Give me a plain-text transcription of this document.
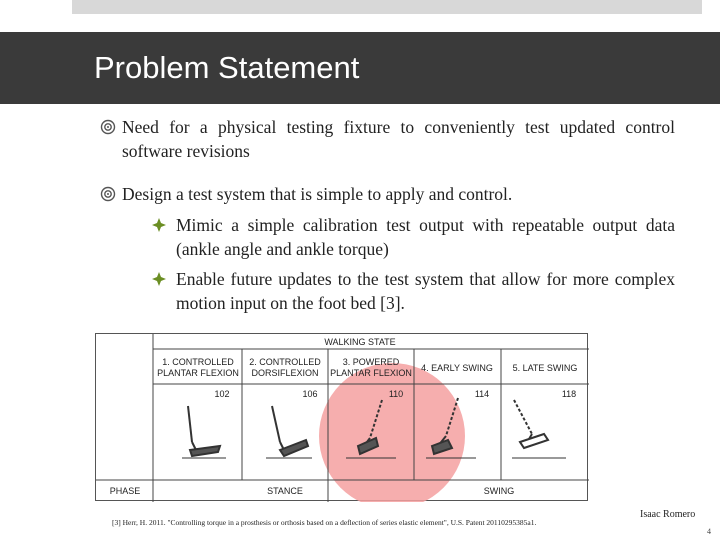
Problem Statement
Need for a physical testing fixture to conveniently test updated control software revisions
Design a test system that is simple to apply and control.
Mimic a simple calibration test output with repeatable output data (ankle angle and ankle torque)
Enable future updates to the test system that allow for more complex motion input on the foot bed [3].
WALKING STATE
1. CONTROLLED
PLANTAR FLEXION
102
2. CONTROLLED
DORSIFLEXION
106
3. POWERED
PLANTAR FLEXION
110
4. EARLY SWING
114
5. LATE SWING
118
PHASE	STANCE	SWING
[3] Herr, H. 2011. "Controlling torque in a prosthesis or orthosis based on a deflection of series elastic element", U.S. Patent 20110295385a1.
Isaac Romero
4
